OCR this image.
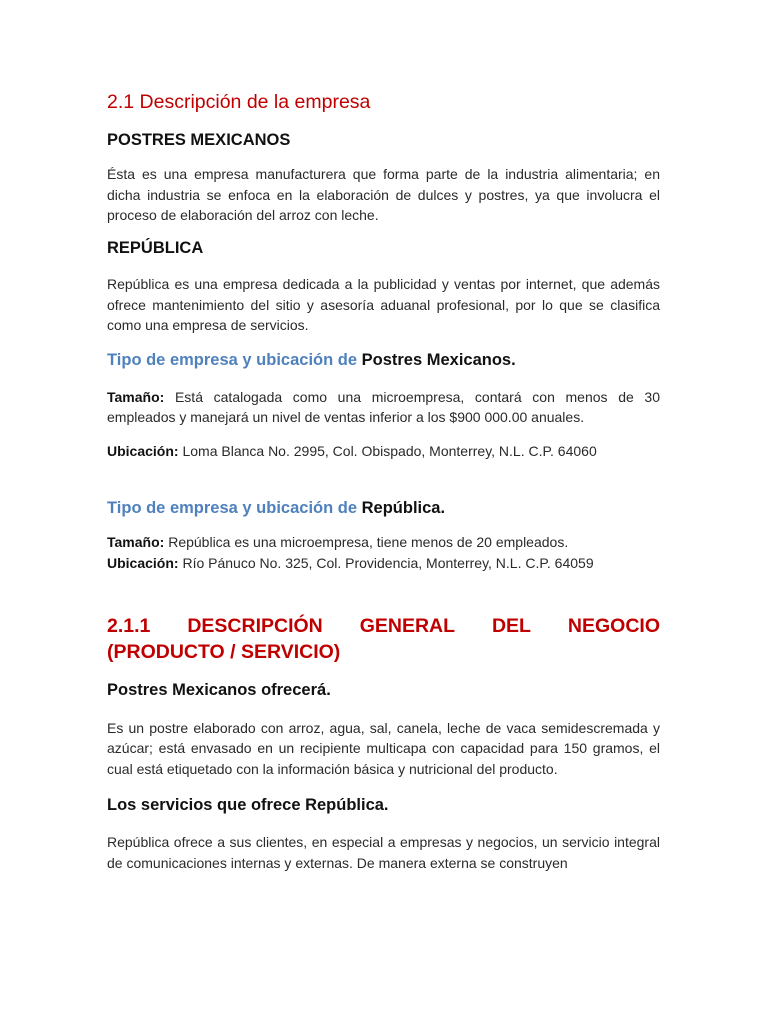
2.1 Descripción de la empresa
POSTRES MEXICANOS

Ésta es una empresa manufacturera que forma parte de la industria alimentaria; en dicha industria se enfoca en la elaboración de dulces y postres, ya que involucra el proceso de elaboración del arroz con leche.

REPÚBLICA

República es una empresa dedicada a la publicidad y ventas por internet, que además ofrece mantenimiento del sitio y asesoría aduanal profesional, por lo que se clasifica como una empresa de servicios.

Tipo de empresa y ubicación de Postres Mexicanos.

Tamaño: Está catalogada como una microempresa, contará con menos de 30 empleados y manejará un nivel de ventas inferior a los $900 000.00 anuales.

Ubicación: Loma Blanca No. 2995, Col. Obispado, Monterrey, N.L. C.P. 64060

Tipo de empresa y ubicación de República.

Tamaño: República es una microempresa, tiene menos de 20 empleados.

Ubicación: Río Pánuco No. 325, Col. Providencia, Monterrey, N.L. C.P. 64059

2.1.1 DESCRIPCIÓN GENERAL DEL NEGOCIO
(PRODUCTO / SERVICIO)
Postres Mexicanos ofrecerá.

Es un postre elaborado con arroz, agua, sal, canela, leche de vaca semidescremada y azúcar; está envasado en un recipiente multicapa con capacidad para 150 gramos, el cual está etiquetado con la información básica y nutricional del producto.

Los servicios que ofrece República.

República ofrece a sus clientes, en especial a empresas y negocios, un servicio integral de comunicaciones internas y externas. De manera externa se construyen
